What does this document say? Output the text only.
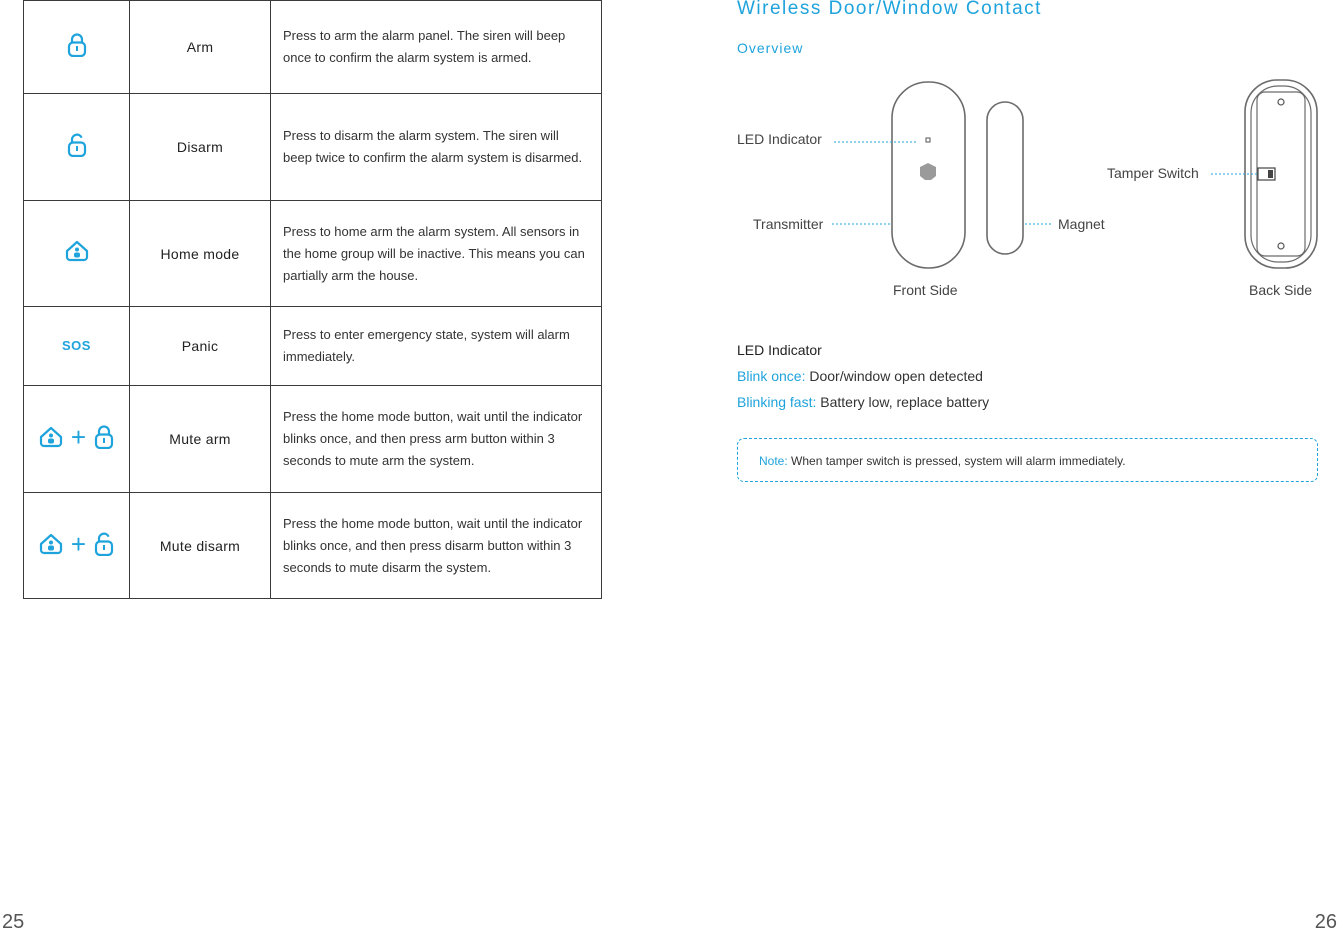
	Arm	Press to arm the alarm panel. The siren will beep once to confirm the alarm system is armed.

	Disarm	Press to disarm the alarm system. The siren will beep twice to confirm the alarm system is disarmed.

	Home mode	Press to home arm the alarm system. All sensors in the home group will be inactive. This means you can partially arm the house.
SOS	Panic	Press to enter emergency state, system will alarm immediately.

+	Mute arm	Press the home mode button, wait until the indicator blinks once, and then press arm button within 3 seconds to mute arm the system.

+	Mute disarm	Press the home mode button, wait until the indicator blinks once, and then press disarm button within 3 seconds to mute disarm the system.
25
Wireless Door/Window Contact
Overview
LED Indicator
Transmitter	Magnet
Tamper Switch
Front Side	Back Side
LED Indicator
Blink once: Door/window open detected
Blinking fast: Battery low, replace battery
Note: When tamper switch is pressed, system will alarm immediately.
26
